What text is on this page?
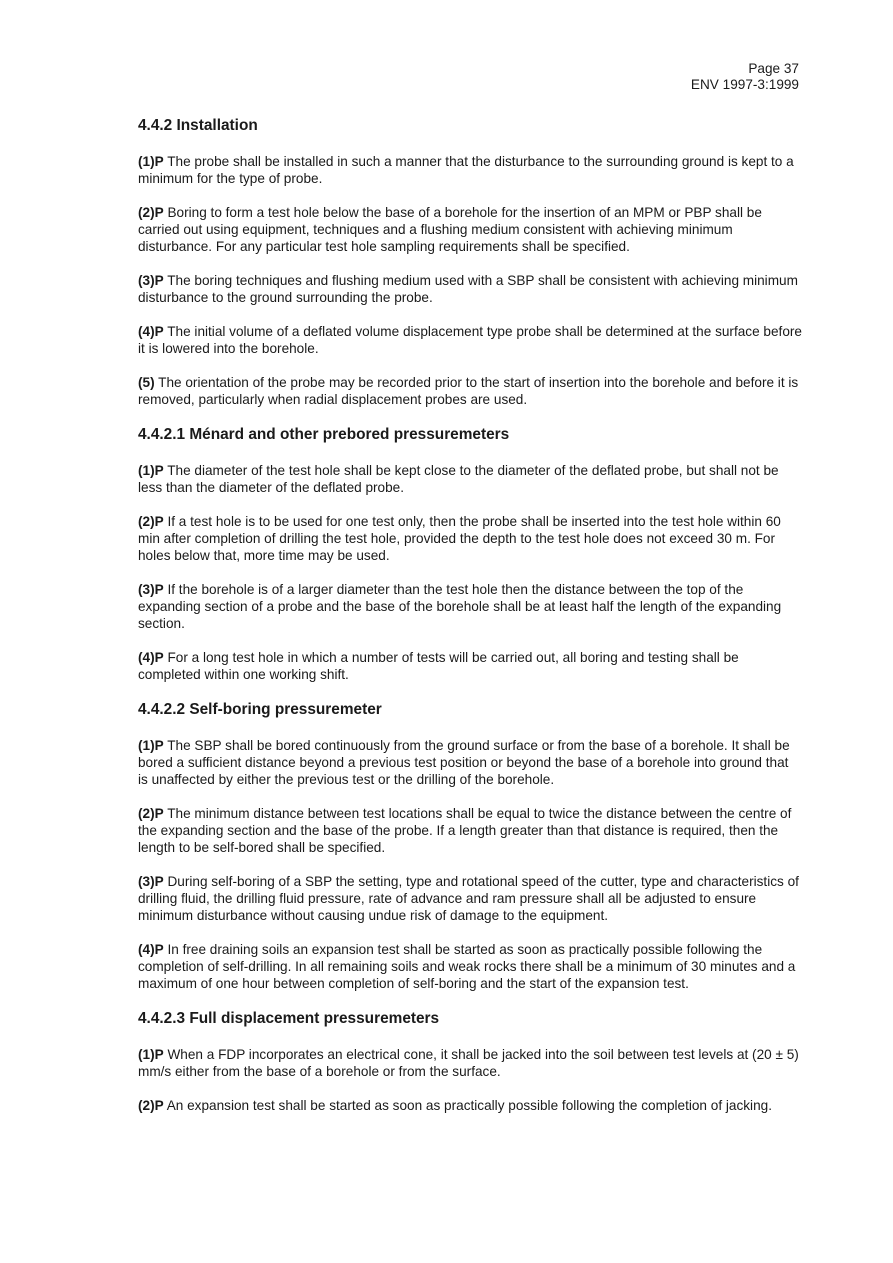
Page 37
ENV 1997-3:1999
4.4.2 Installation

(1)P The probe shall be installed in such a manner that the disturbance to the surrounding ground is kept to a minimum for the type of probe.

(2)P Boring to form a test hole below the base of a borehole for the insertion of an MPM or PBP shall be carried out using equipment, techniques and a flushing medium consistent with achieving minimum disturbance. For any particular test hole sampling requirements shall be specified.

(3)P The boring techniques and flushing medium used with a SBP shall be consistent with achieving minimum disturbance to the ground surrounding the probe.

(4)P The initial volume of a deflated volume displacement type probe shall be determined at the surface before it is lowered into the borehole.

(5) The orientation of the probe may be recorded prior to the start of insertion into the borehole and before it is removed, particularly when radial displacement probes are used.

4.4.2.1 Ménard and other prebored pressuremeters

(1)P The diameter of the test hole shall be kept close to the diameter of the deflated probe, but shall not be less than the diameter of the deflated probe.

(2)P If a test hole is to be used for one test only, then the probe shall be inserted into the test hole within 60 min after completion of drilling the test hole, provided the depth to the test hole does not exceed 30 m. For holes below that, more time may be used.

(3)P If the borehole is of a larger diameter than the test hole then the distance between the top of the expanding section of a probe and the base of the borehole shall be at least half the length of the expanding section.

(4)P For a long test hole in which a number of tests will be carried out, all boring and testing shall be completed within one working shift.

4.4.2.2 Self-boring pressuremeter

(1)P The SBP shall be bored continuously from the ground surface or from the base of a borehole. It shall be bored a sufficient distance beyond a previous test position or beyond the base of a borehole into ground that is unaffected by either the previous test or the drilling of the borehole.

(2)P The minimum distance between test locations shall be equal to twice the distance between the centre of the expanding section and the base of the probe. If a length greater than that distance is required, then the length to be self-bored shall be specified.

(3)P During self-boring of a SBP the setting, type and rotational speed of the cutter, type and characteristics of drilling fluid, the drilling fluid pressure, rate of advance and ram pressure shall all be adjusted to ensure minimum disturbance without causing undue risk of damage to the equipment.

(4)P In free draining soils an expansion test shall be started as soon as practically possible following the completion of self-drilling. In all remaining soils and weak rocks there shall be a minimum of 30 minutes and a maximum of one hour between completion of self-boring and the start of the expansion test.

4.4.2.3 Full displacement pressuremeters

(1)P When a FDP incorporates an electrical cone, it shall be jacked into the soil between test levels at (20 ± 5) mm/s either from the base of a borehole or from the surface.

(2)P An expansion test shall be started as soon as practically possible following the completion of jacking.
